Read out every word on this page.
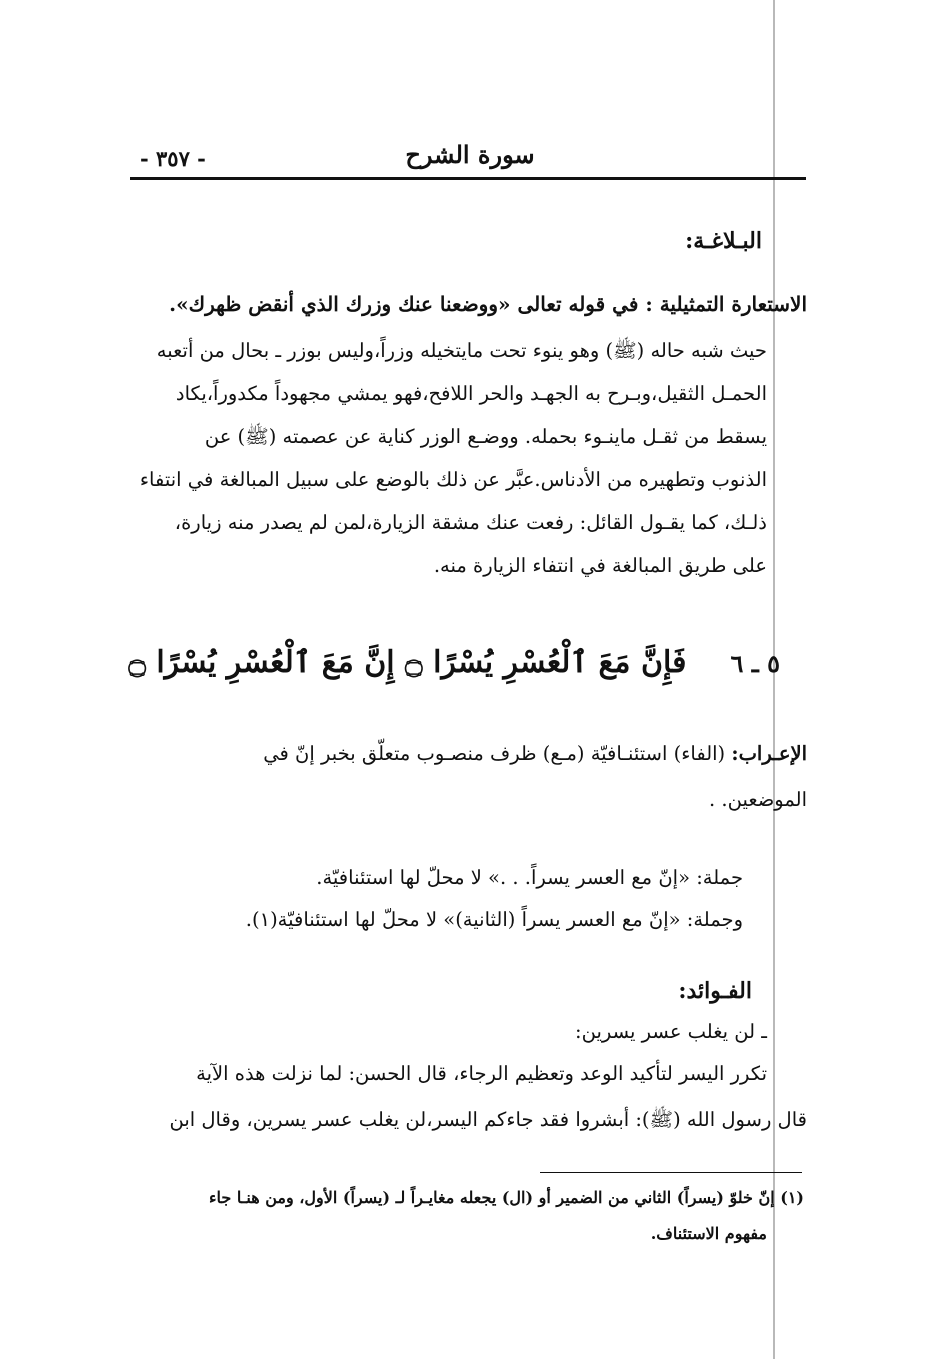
سورة الشرح
- ٣٥٧ -
البـلاغـة:
الاستعارة التمثيلية : في قوله تعالى «ووضعنا عنك وزرك الذي أنقض ظهرك».
حيث شبه حاله (ﷺ) وهو ينوء تحت مايتخيله وزراً،وليس بوزر ـ بحال من أتعبه
الحمـل الثقيل،وبـرح به الجهـد والحر اللافح،فهو يمشي مجهوداً مكدوراً،يكاد
يسقط من ثقـل ماينـوء بحمله. ووضـع الوزر كناية عن عصمته (ﷺ) عن
الذنوب وتطهيره من الأدناس.عبَّر عن ذلك بالوضع على سبيل المبالغة في انتفاء
ذلـك، كما يقـول القائل: رفعت عنك مشقة الزيارة،لمن لم يصدر منه زيارة،
على طريق المبالغة في انتفاء الزيارة منه.
٥ ـ ٦فَإِنَّ مَعَ ٱلْعُسْرِ يُسْرًا ۝ إِنَّ مَعَ ٱلْعُسْرِ يُسْرًا ۝
الإعـراب: (الفاء) استئنـافيّة (مـع) ظرف منصـوب متعلّق بخبر إنّ في
الموضعين. .
جملة: «إنّ مع العسر يسراً. . .» لا محلّ لها استئنافيّة.
وجملة: «إنّ مع العسر يسراً (الثانية)» لا محلّ لها استئنافيّة(١).
الفـوائد:
ـ لن يغلب عسر يسرين:
تكرر اليسر لتأكيد الوعد وتعظيم الرجاء، قال الحسن: لما نزلت هذه الآية
قال رسول الله (ﷺ): أبشروا فقد جاءكم اليسر،لن يغلب عسر يسرين، وقال ابن
(١) إنّ خلوّ (يسراً) الثاني من الضمير أو (ال) يجعله مغايـراً لـ (يسراً) الأول، ومن هنـا جاء
مفهوم الاستئناف.
